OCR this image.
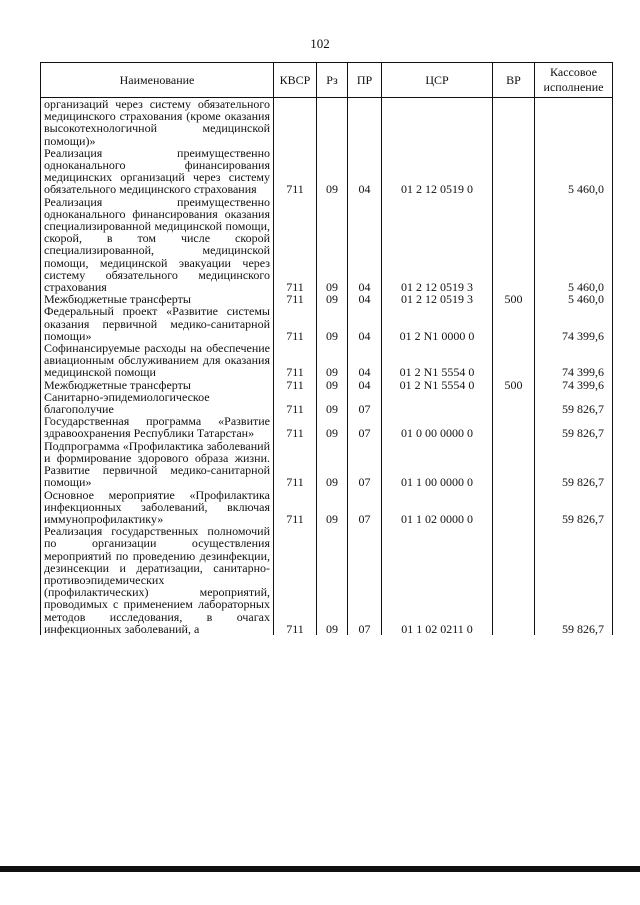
102
Наименование	КВСР	Рз	ПР	ЦСР	ВР	Кассовое исполнение
организаций через систему обязательного медицинского страхования (кроме оказания высокотехнологичной медицинской помощи)»						
Реализация преимущественно одноканального финансирования медицинских организаций через систему обязательного медицинского страхования	711	09	04	01 2 12 0519 0		5 460,0
Реализация преимущественно одноканального финансирования оказания специализированной медицинской помощи, скорой, в том числе скорой специализированной, медицинской помощи, медицинской эвакуации через систему обязательного медицинского страхования	711	09	04	01 2 12 0519 3		5 460,0
Межбюджетные трансферты	711	09	04	01 2 12 0519 3	500	5 460,0
Федеральный проект «Развитие системы оказания первичной медико-санитарной помощи»	711	09	04	01 2 N1 0000 0		74 399,6
Софинансируемые расходы на обеспечение авиационным обслуживанием для оказания медицинской помощи	711	09	04	01 2 N1 5554 0		74 399,6
Межбюджетные трансферты	711	09	04	01 2 N1 5554 0	500	74 399,6
Санитарно-эпидемиологическое благополучие	711	09	07			59 826,7
Государственная программа «Развитие здравоохранения Республики Татарстан»	711	09	07	01 0 00 0000 0		59 826,7
Подпрограмма «Профилактика заболеваний и формирование здорового образа жизни. Развитие первичной медико-санитарной помощи»	711	09	07	01 1 00 0000 0		59 826,7
Основное мероприятие «Профилактика инфекционных заболеваний, включая иммунопрофилактику»	711	09	07	01 1 02 0000 0		59 826,7
Реализация государственных полномочий по организации осуществления мероприятий по проведению дезинфекции, дезинсекции и дератизации, санитарно-противоэпидемических (профилактических) мероприятий, проводимых с применением лабораторных методов исследования, в очагах инфекционных заболеваний, а	711	09	07	01 1 02 0211 0		59 826,7
